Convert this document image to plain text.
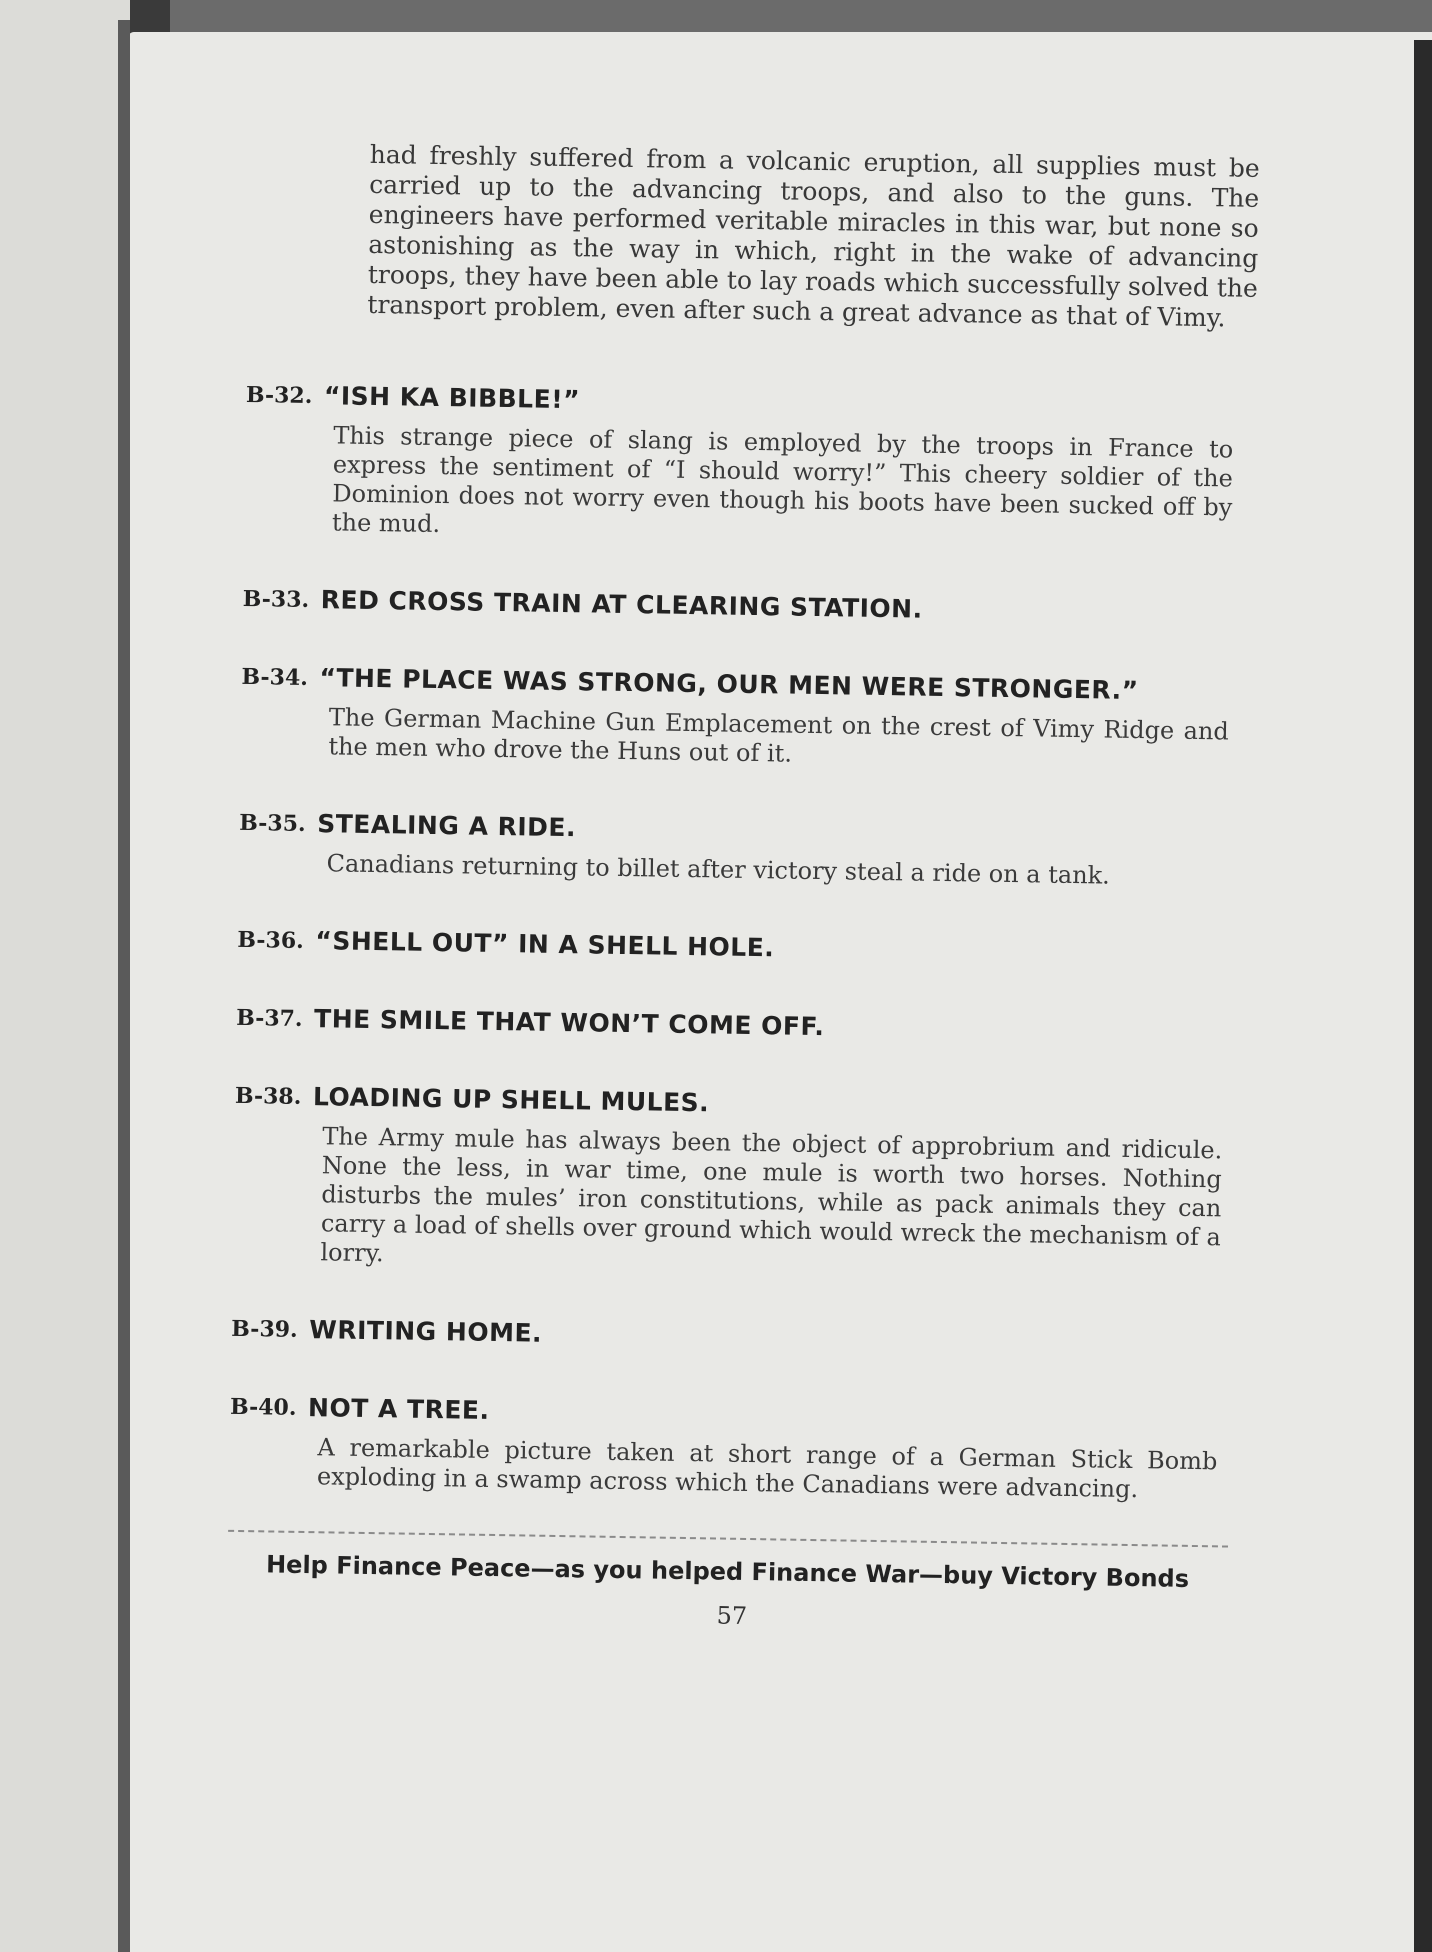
had freshly suffered from a volcanic eruption, all supplies must be carried up to the advancing troops, and also to the guns. The engineers have performed veritable miracles in this war, but none so astonishing as the way in which, right in the wake of advancing troops, they have been able to lay roads which successfully solved the transport problem, even after such a great advance as that of Vimy.

B-32. “ISH KA BIBBLE!”

This strange piece of slang is employed by the troops in France to express the sentiment of “I should worry!” This cheery soldier of the Dominion does not worry even though his boots have been sucked off by the mud.

B-33. RED CROSS TRAIN AT CLEARING STATION.
B-34. “THE PLACE WAS STRONG, OUR MEN WERE STRONGER.”

The German Machine Gun Emplacement on the crest of Vimy Ridge and the men who drove the Huns out of it.

B-35. STEALING A RIDE.

Canadians returning to billet after victory steal a ride on a tank.

B-36. “SHELL OUT” IN A SHELL HOLE.
B-37. THE SMILE THAT WON’T COME OFF.
B-38. LOADING UP SHELL MULES.

The Army mule has always been the object of approbrium and ridicule. None the less, in war time, one mule is worth two horses. Nothing disturbs the mules’ iron constitutions, while as pack animals they can carry a load of shells over ground which would wreck the mechanism of a lorry.

B-39. WRITING HOME.
B-40. NOT A TREE.

A remarkable picture taken at short range of a German Stick Bomb exploding in a swamp across which the Canadians were advancing.

Help Finance Peace—as you helped Finance War—buy Victory Bonds
57
